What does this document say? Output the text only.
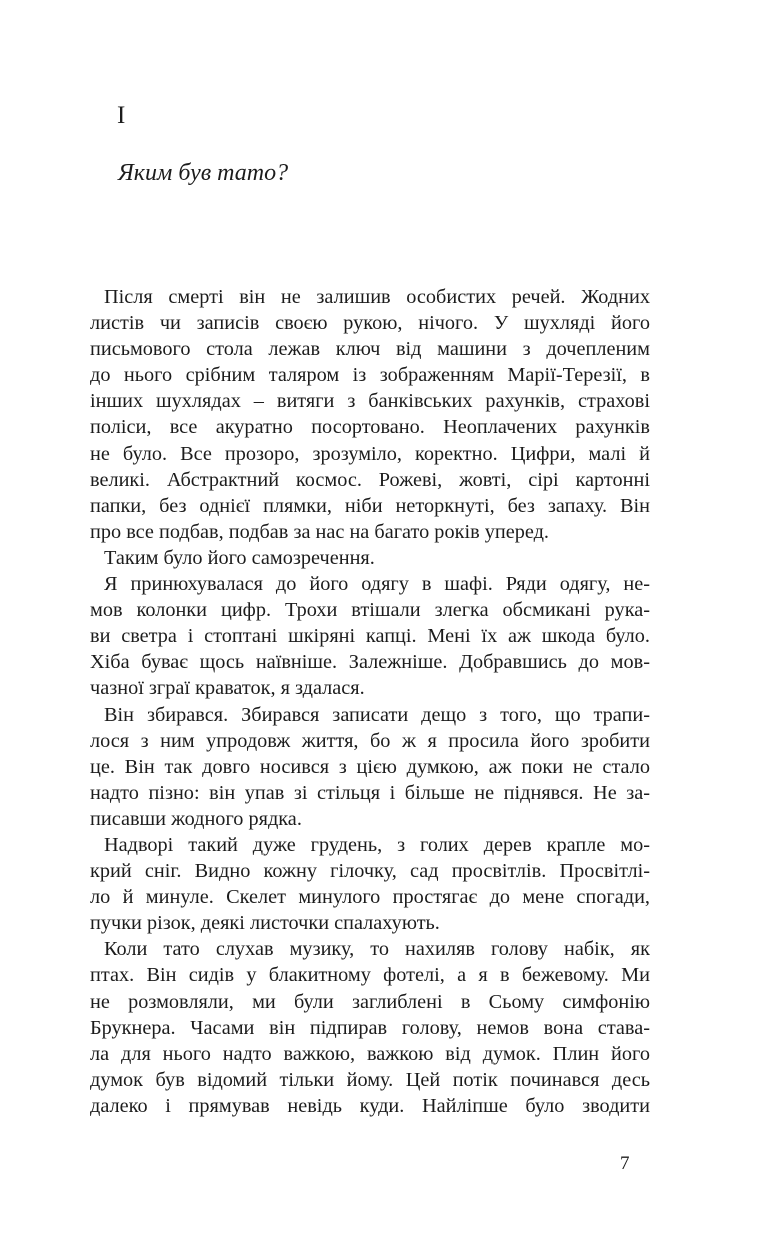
I
Яким був тато?
Після смерті він не залишив особистих речей. Жодних
листів чи записів своєю рукою, нічого. У шухляді його
письмового стола лежав ключ від машини з дочепленим
до нього срібним таляром із зображенням Марії-Терезії, в
інших шухлядах – витяги з банківських рахунків, страхові
поліси, все акуратно посортовано. Неоплачених рахунків
не було. Все прозоро, зрозуміло, коректно. Цифри, малі й
великі. Абстрактний космос. Рожеві, жовті, сірі картонні
папки, без однієї плямки, ніби неторкнуті, без запаху. Він
про все подбав, подбав за нас на багато років уперед.
Таким було його самозречення.
Я принюхувалася до його одягу в шафі. Ряди одягу, не-
мов колонки цифр. Трохи втішали злегка обсмикані рука-
ви светра і стоптані шкіряні капці. Мені їх аж шкода було.
Хіба буває щось наївніше. Залежніше. Добравшись до мов-
чазної зграї краваток, я здалася.
Він збирався. Збирався записати дещо з того, що трапи-
лося з ним упродовж життя, бо ж я просила його зробити
це. Він так довго носився з цією думкою, аж поки не стало
надто пізно: він упав зі стільця і більше не піднявся. Не за-
писавши жодного рядка.
Надворі такий дуже грудень, з голих дерев крапле мо-
крий сніг. Видно кожну гілочку, сад просвітлів. Просвітлі-
ло й минуле. Скелет минулого простягає до мене спогади,
пучки різок, деякі листочки спалахують.
Коли тато слухав музику, то нахиляв голову набік, як
птах. Він сидів у блакитному фотелі, а я в бежевому. Ми
не розмовляли, ми були заглиблені в Сьому симфонію
Брукнера. Часами він підпирав голову, немов вона става-
ла для нього надто важкою, важкою від думок. Плин його
думок був відомий тільки йому. Цей потік починався десь
далеко і прямував невідь куди. Найліпше було зводити
7
